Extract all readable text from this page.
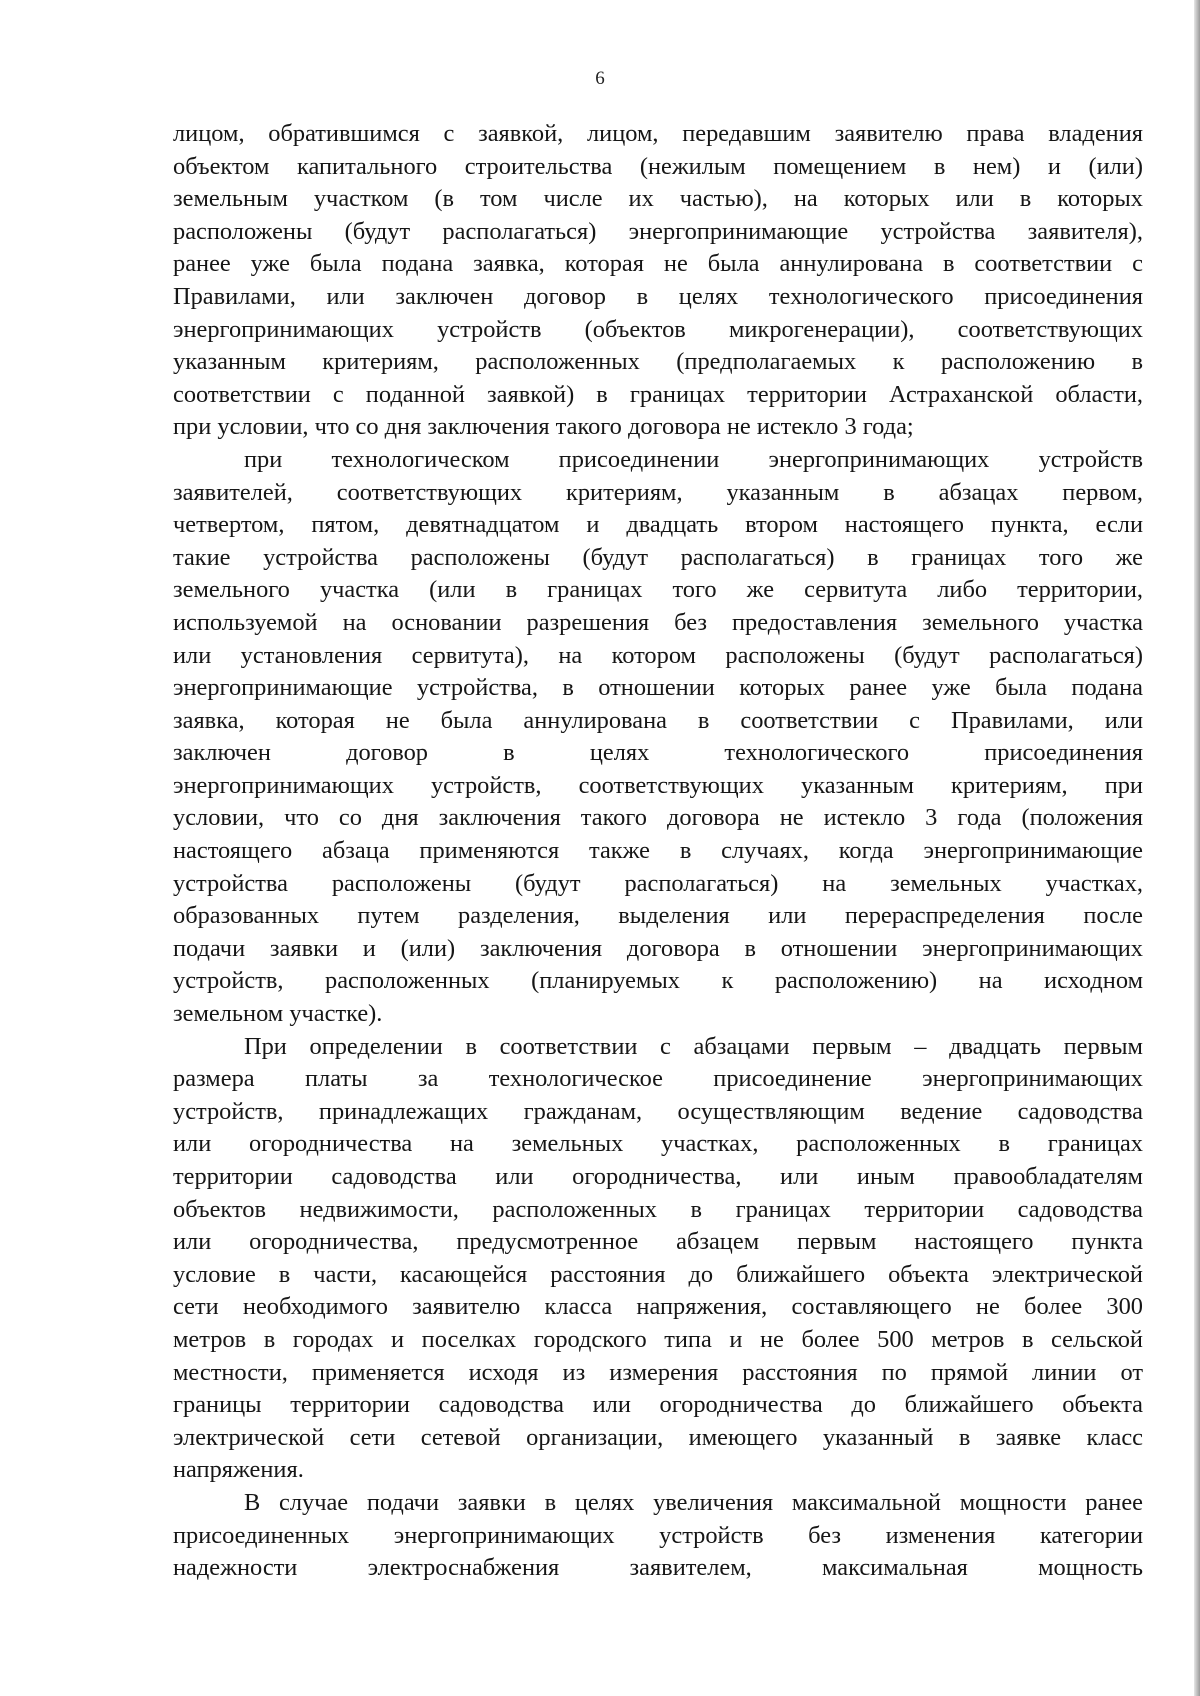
6

лицом, обратившимся с заявкой, лицом, передавшим заявителю права владения
объектом капитального строительства (нежилым помещением в нем) и (или)
земельным участком (в том числе их частью), на которых или в которых
расположены (будут располагаться) энергопринимающие устройства заявителя),
ранее уже была подана заявка, которая не была аннулирована в соответствии с
Правилами, или заключен договор в целях технологического присоединения
энергопринимающих устройств (объектов микрогенерации), соответствующих
указанным критериям, расположенных (предполагаемых к расположению в
соответствии с поданной заявкой) в границах территории Астраханской области,
при условии, что со дня заключения такого договора не истекло 3 года;

при технологическом присоединении энергопринимающих устройств
заявителей, соответствующих критериям, указанным в абзацах первом,
четвертом, пятом, девятнадцатом и двадцать втором настоящего пункта, если
такие устройства расположены (будут располагаться) в границах того же
земельного участка (или в границах того же сервитута либо территории,
используемой на основании разрешения без предоставления земельного участка
или установления сервитута), на котором расположены (будут располагаться)
энергопринимающие устройства, в отношении которых ранее уже была подана
заявка, которая не была аннулирована в соответствии с Правилами, или
заключен договор в целях технологического присоединения
энергопринимающих устройств, соответствующих указанным критериям, при
условии, что со дня заключения такого договора не истекло 3 года (положения
настоящего абзаца применяются также в случаях, когда энергопринимающие
устройства расположены (будут располагаться) на земельных участках,
образованных путем разделения, выделения или перераспределения после
подачи заявки и (или) заключения договора в отношении энергопринимающих
устройств, расположенных (планируемых к расположению) на исходном
земельном участке).

При определении в соответствии с абзацами первым – двадцать первым
размера платы за технологическое присоединение энергопринимающих
устройств, принадлежащих гражданам, осуществляющим ведение садоводства
или огородничества на земельных участках, расположенных в границах
территории садоводства или огородничества, или иным правообладателям
объектов недвижимости, расположенных в границах территории садоводства
или огородничества, предусмотренное абзацем первым настоящего пункта
условие в части, касающейся расстояния до ближайшего объекта электрической
сети необходимого заявителю класса напряжения, составляющего не более 300
метров в городах и поселках городского типа и не более 500 метров в сельской
местности, применяется исходя из измерения расстояния по прямой линии от
границы территории садоводства или огородничества до ближайшего объекта
электрической сети сетевой организации, имеющего указанный в заявке класс
напряжения.

В случае подачи заявки в целях увеличения максимальной мощности ранее
присоединенных энергопринимающих устройств без изменения категории
надежности электроснабжения заявителем, максимальная мощность
